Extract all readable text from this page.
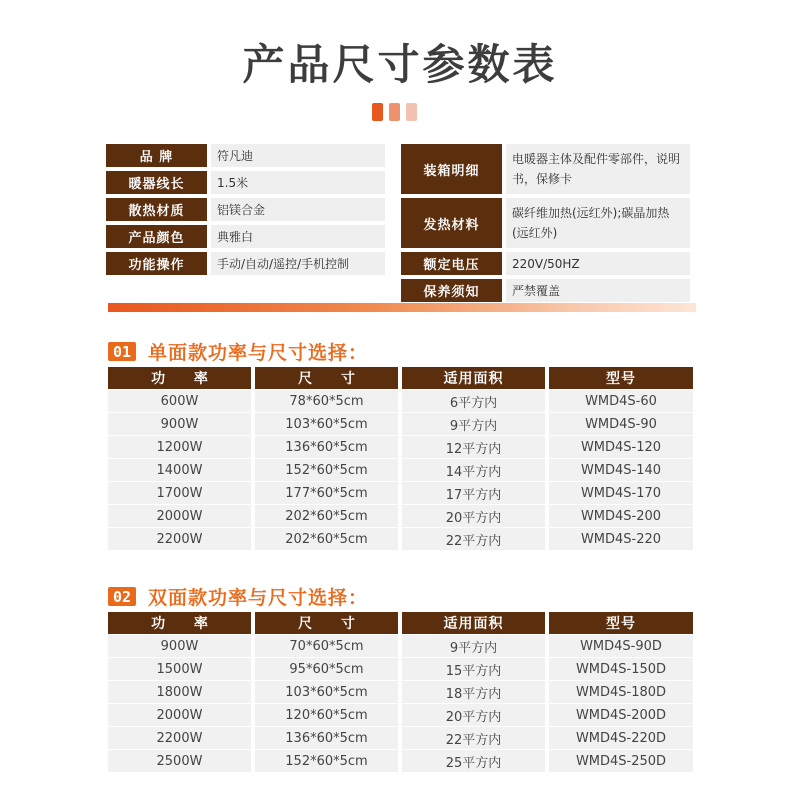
产品尺寸参数表
品 牌	符凡迪
暖器线长	1.5米
散热材质	铝镁合金
产品颜色	典雅白
功能操作	手动/自动/遥控/手机控制
装箱明细
电暖器主体及配件零部件，说明书，保修卡
发热材料
碳纤维加热(远红外);碳晶加热(远红外)
额定电压	220V/50HZ
保养须知	严禁覆盖
01 单面款功率与尺寸选择：
功 率	尺 寸	适用面积	型号
600W	78*60*5cm	6平方内	WMD4S-60
900W	103*60*5cm	9平方内	WMD4S-90
1200W	136*60*5cm	12平方内	WMD4S-120
1400W	152*60*5cm	14平方内	WMD4S-140
1700W	177*60*5cm	17平方内	WMD4S-170
2000W	202*60*5cm	20平方内	WMD4S-200
2200W	202*60*5cm	22平方内	WMD4S-220
02 双面款功率与尺寸选择：
功 率	尺 寸	适用面积	型号
900W	70*60*5cm	9平方内	WMD4S-90D
1500W	95*60*5cm	15平方内	WMD4S-150D
1800W	103*60*5cm	18平方内	WMD4S-180D
2000W	120*60*5cm	20平方内	WMD4S-200D
2200W	136*60*5cm	22平方内	WMD4S-220D
2500W	152*60*5cm	25平方内	WMD4S-250D
